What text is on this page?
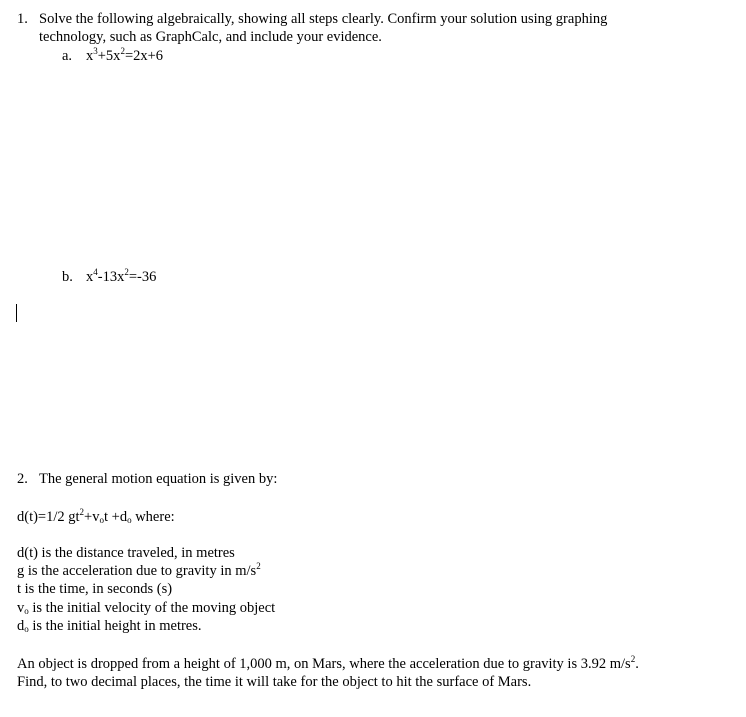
1. Solve the following algebraically, showing all steps clearly. Confirm your solution using graphing
technology, such as GraphCalc, and include your evidence.
a. $x^3+5x^2=2x+6$
b. $x^4-13x^2=-36$
2. The general motion equation is given by:
d(t)=1/2 $gt^2+v_ot +d_o$ where:
d(t) is the distance traveled, in metres
g is the acceleration due to gravity in $m/s^2$
t is the time, in seconds (s)
$v_o$ is the initial velocity of the moving object
$d_o$ is the initial height in metres.
An object is dropped from a height of 1,000 m, on Mars, where the acceleration due to gravity is 3.92 $m/s^2$.
Find, to two decimal places, the time it will take for the object to hit the surface of Mars.
